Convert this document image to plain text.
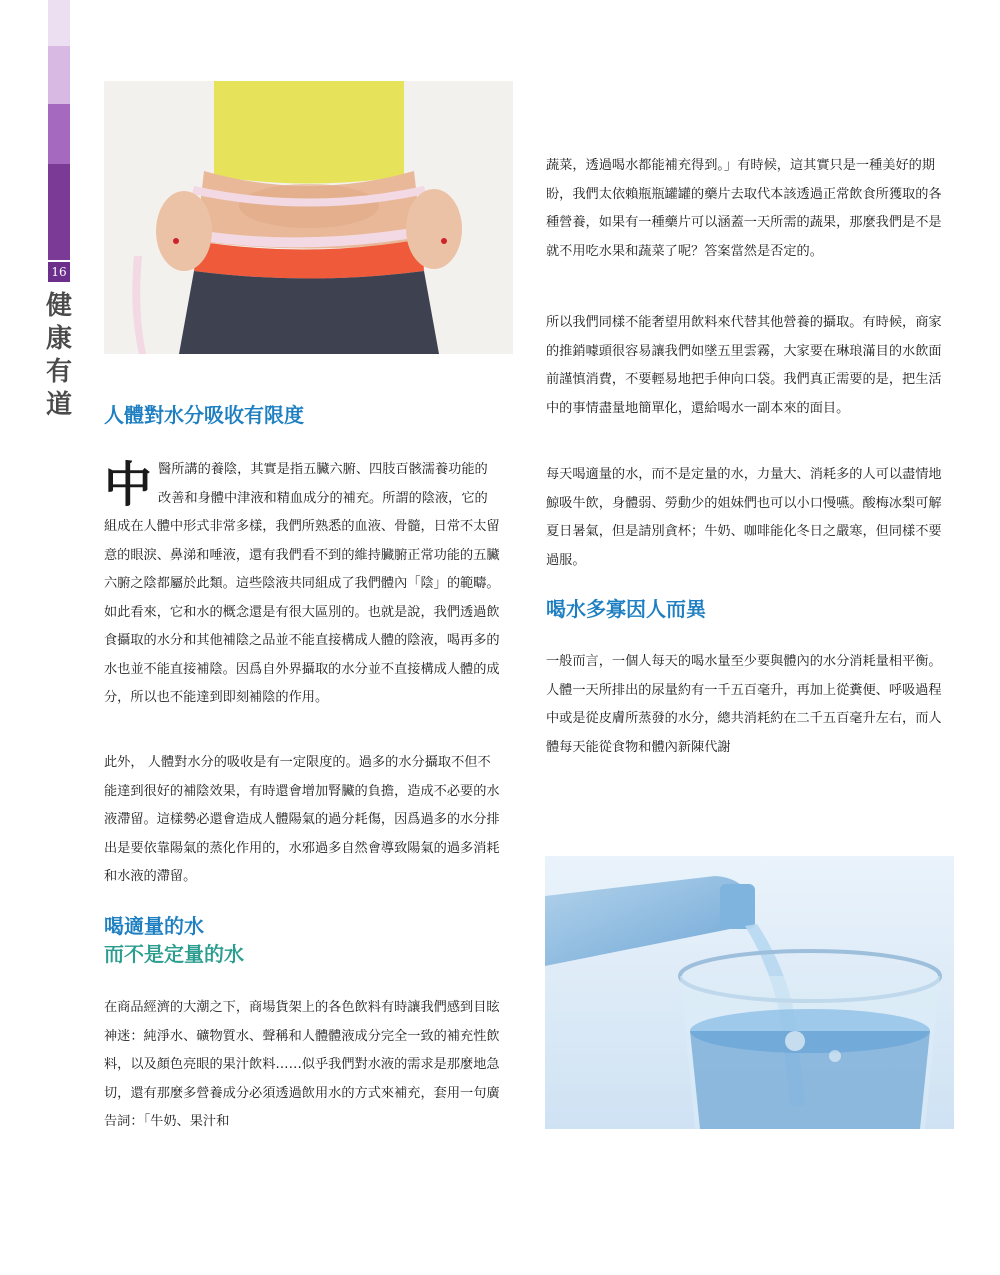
16
健
康
有
道 人體對水分吸收有限度
喝適量的水
而不是定量的水
喝水多寡因人而異

中醫所講的養陰，其實是指五臟六腑、四肢百骸濡養功能的改善和身體中津液和精血成分的補充。所謂的陰液，它的組成在人體中形式非常多樣，我們所熟悉的血液、骨髓，日常不太留意的眼淚、鼻涕和唾液，還有我們看不到的維持臟腑正常功能的五臟六腑之陰都屬於此類。這些陰液共同組成了我們體內「陰」的範疇。如此看來，它和水的概念還是有很大區別的。也就是說，我們透過飲食攝取的水分和其他補陰之品並不能直接構成人體的陰液，喝再多的水也並不能直接補陰。因爲自外界攝取的水分並不直接構成人體的成分，所以也不能達到即刻補陰的作用。

此外， 人體對水分的吸收是有一定限度的。過多的水分攝取不但不能達到很好的補陰效果，有時還會增加腎臟的負擔，造成不必要的水液滯留。這樣勢必還會造成人體陽氣的過分耗傷，因爲過多的水分排出是要依靠陽氣的蒸化作用的，水邪過多自然會導致陽氣的過多消耗和水液的滯留。

在商品經濟的大潮之下，商場貨架上的各色飲料有時讓我們感到目眩神迷：純淨水、礦物質水、聲稱和人體體液成分完全一致的補充性飲料，以及顏色亮眼的果汁飲料……似乎我們對水液的需求是那麼地急切，還有那麼多營養成分必須透過飲用水的方式來補充，套用一句廣告詞：「牛奶、果汁和

蔬菜，透過喝水都能補充得到。」有時候，這其實只是一種美好的期盼，我們太依賴瓶瓶罐罐的藥片去取代本該透過正常飲食所獲取的各種營養，如果有一種藥片可以涵蓋一天所需的蔬果，那麼我們是不是就不用吃水果和蔬菜了呢？答案當然是否定的。

所以我們同樣不能奢望用飲料來代替其他營養的攝取。有時候，商家的推銷噱頭很容易讓我們如墜五里雲霧，大家要在琳琅滿目的水飲面前謹慎消費，不要輕易地把手伸向口袋。我們真正需要的是，把生活中的事情盡量地簡單化，還給喝水一副本來的面目。

每天喝適量的水，而不是定量的水，力量大、消耗多的人可以盡情地鯨吸牛飲，身體弱、勞動少的姐妹們也可以小口慢嚥。酸梅冰梨可解夏日暑氣，但是請別貪杯；牛奶、咖啡能化冬日之嚴寒，但同樣不要過服。

一般而言，一個人每天的喝水量至少要與體內的水分消耗量相平衡。人體一天所排出的尿量約有一千五百毫升，再加上從糞便、呼吸過程中或是從皮膚所蒸發的水分，總共消耗約在二千五百毫升左右，而人體每天能從食物和體內新陳代謝
